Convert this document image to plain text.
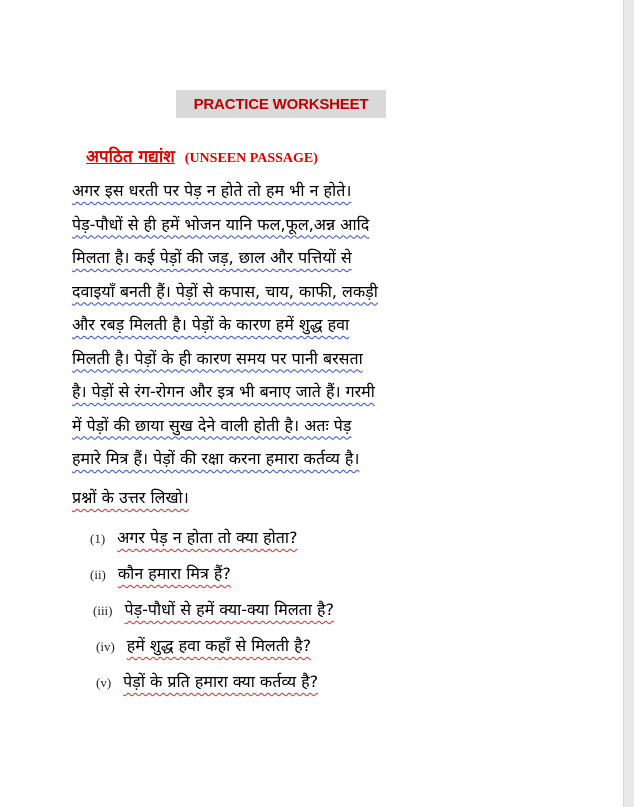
PRACTICE WORKSHEET
अपठित गद्यांश (UNSEEN PASSAGE)
अगर इस धरती पर पेड़ न होते तो हम भी न होते।
पेड़-पौधों से ही हमें भोजन यानि फल,फूल,अन्न आदि
मिलता है। कई पेड़ों की जड़, छाल और पत्तियों से
दवाइयाँ बनती हैं। पेड़ों से कपास, चाय, काफी, लकड़ी
और रबड़ मिलती है। पेड़ों के कारण हमें शुद्ध हवा
मिलती है। पेड़ों के ही कारण समय पर पानी बरसता
है। पेड़ों से रंग-रोगन और इत्र भी बनाए जाते हैं। गरमी
में पेड़ों की छाया सुख देने वाली होती है। अतः पेड़
हमारे मित्र हैं। पेड़ों की रक्षा करना हमारा कर्तव्य है।
प्रश्नों के उत्तर लिखो।
(1) अगर पेड़ न होता तो क्या होता?
(ii) कौन हमारा मित्र हैं?
(iii) पेड़-पौधों से हमें क्या-क्या मिलता है?
(iv) हमें शुद्ध हवा कहाँ से मिलती है?
(v) पेड़ों के प्रति हमारा क्या कर्तव्य है?
